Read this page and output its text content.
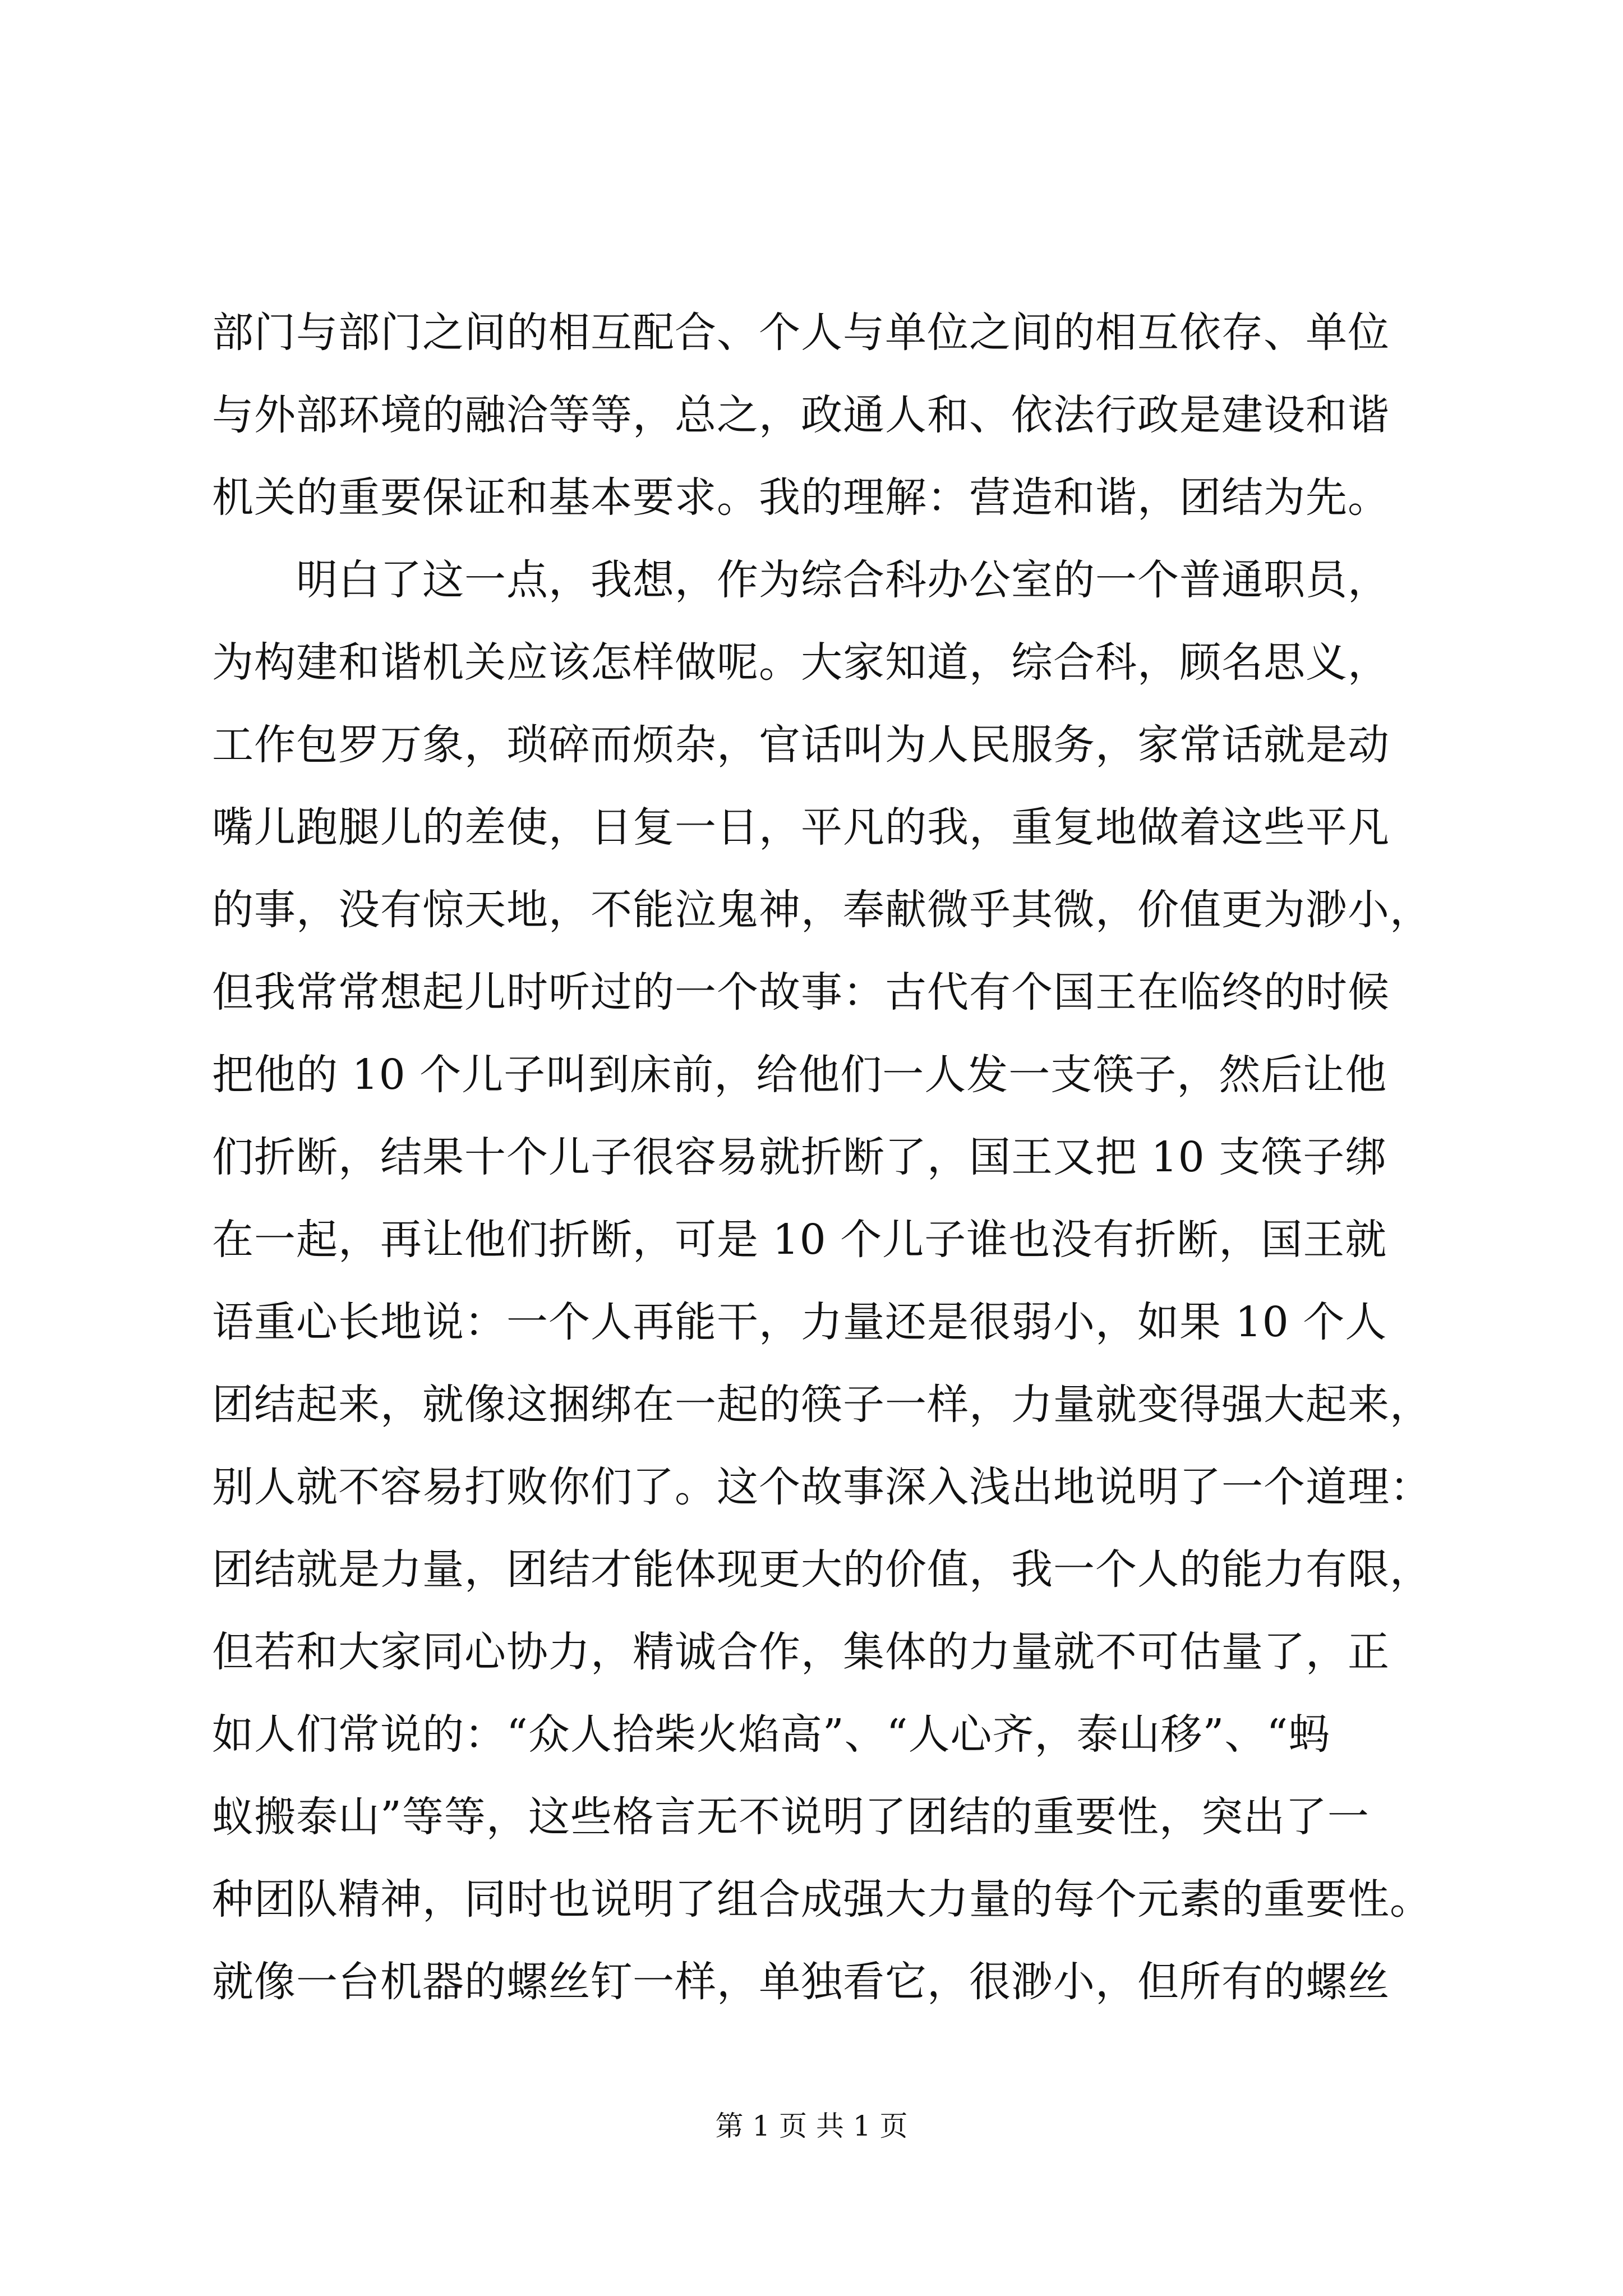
部门与部门之间的相互配合、个人与单位之间的相互依存、单位
与外部环境的融洽等等，总之，政通人和、依法行政是建设和谐
机关的重要保证和基本要求。我的理解：营造和谐，团结为先。
明白了这一点，我想，作为综合科办公室的一个普通职员，
为构建和谐机关应该怎样做呢。大家知道，综合科，顾名思义，
工作包罗万象，琐碎而烦杂，官话叫为人民服务，家常话就是动
嘴儿跑腿儿的差使，日复一日，平凡的我，重复地做着这些平凡
的事，没有惊天地，不能泣鬼神，奉献微乎其微，价值更为渺小，
但我常常想起儿时听过的一个故事：古代有个国王在临终的时候
把他的 10 个儿子叫到床前，给他们一人发一支筷子，然后让他
们折断，结果十个儿子很容易就折断了，国王又把 10 支筷子绑
在一起，再让他们折断，可是 10 个儿子谁也没有折断，国王就
语重心长地说：一个人再能干，力量还是很弱小，如果 10 个人
团结起来，就像这捆绑在一起的筷子一样，力量就变得强大起来，
别人就不容易打败你们了。这个故事深入浅出地说明了一个道理：
团结就是力量，团结才能体现更大的价值，我一个人的能力有限，
但若和大家同心协力，精诚合作，集体的力量就不可估量了，正
如人们常说的：“众人拾柴火焰高”、“人心齐，泰山移”、“蚂
蚁搬泰山”等等，这些格言无不说明了团结的重要性，突出了一
种团队精神，同时也说明了组合成强大力量的每个元素的重要性。
就像一台机器的螺丝钉一样，单独看它，很渺小，但所有的螺丝
第 1 页 共 1 页
